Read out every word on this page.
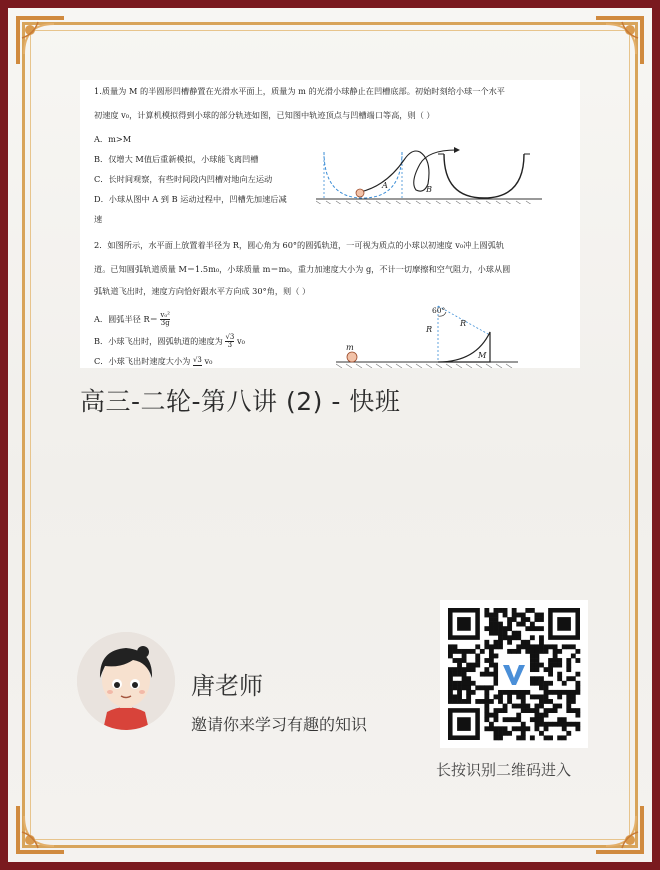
1.质量为 M 的半圆形凹槽静置在光滑水平面上，质量为 m 的光滑小球静止在凹槽底部。初始时刻给小球一个水平
初速度 v₀，计算机模拟得到小球的部分轨迹如图，已知图中轨迹顶点与凹槽端口等高，则（ ）
A．m>M
B．仅增大 M值后重新模拟，小球能飞离凹槽
C．长时间观察，有些时间段内凹槽对地向左运动
D．小球从图中 A 到 B 运动过程中，凹槽先加速后减
速
A	B
2．如图所示，水平面上放置着半径为 R，圆心角为 60°的圆弧轨道，一可视为质点的小球以初速度 v₀冲上圆弧轨
道。已知圆弧轨道质量 M＝1.5m₀，小球质量 m＝m₀，重力加速度大小为 g，不计一切摩擦和空气阻力，小球从圆
弧轨道飞出时，速度方向恰好跟水平方向成 30°角，则（ ）
A．圆弧半径 $R= \frac{\text{v₀²}}{3g}$
B．小球飞出时，圆弧轨道的速度为 $\frac{√3}{3} v_0$
C．小球飞出时速度大小为 √3 v₀
60°
R
R
m
M
高三-二轮-第八讲 (2) - 快班
唐老师
邀请你来学习有趣的知识
长按识别二维码进入
